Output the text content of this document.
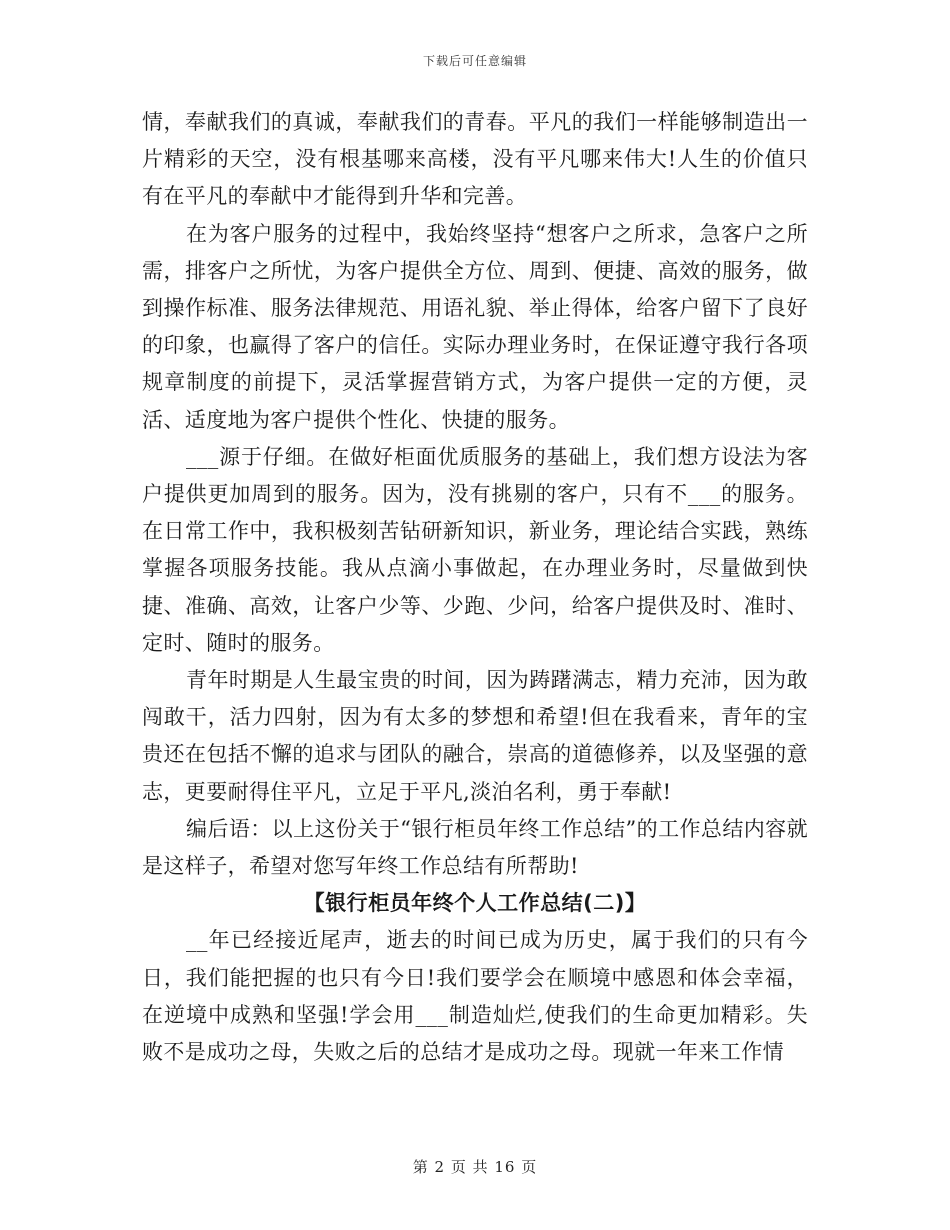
下载后可任意编辑

情，奉献我们的真诚，奉献我们的青春。平凡的我们一样能够制造出一片精彩的天空，没有根基哪来高楼，没有平凡哪来伟大!人生的价值只有在平凡的奉献中才能得到升华和完善。

在为客户服务的过程中，我始终坚持“想客户之所求，急客户之所需，排客户之所忧，为客户提供全方位、周到、便捷、高效的服务，做到操作标准、服务法律规范、用语礼貌、举止得体，给客户留下了良好的印象，也赢得了客户的信任。实际办理业务时，在保证遵守我行各项规章制度的前提下，灵活掌握营销方式，为客户提供一定的方便，灵活、适度地为客户提供个性化、快捷的服务。

___源于仔细。在做好柜面优质服务的基础上，我们想方设法为客户提供更加周到的服务。因为，没有挑剔的客户，只有不___的服务。在日常工作中，我积极刻苦钻研新知识，新业务，理论结合实践，熟练掌握各项服务技能。我从点滴小事做起，在办理业务时，尽量做到快捷、准确、高效，让客户少等、少跑、少问，给客户提供及时、准时、定时、随时的服务。

青年时期是人生最宝贵的时间，因为踌躇满志，精力充沛，因为敢闯敢干，活力四射，因为有太多的梦想和希望!但在我看来，青年的宝贵还在包括不懈的追求与团队的融合，崇高的道德修养，以及坚强的意志，更要耐得住平凡，立足于平凡,淡泊名利，勇于奉献!

编后语：以上这份关于“银行柜员年终工作总结”的工作总结内容就是这样子，希望对您写年终工作总结有所帮助!

【银行柜员年终个人工作总结(二)】

__年已经接近尾声，逝去的时间已成为历史，属于我们的只有今日，我们能把握的也只有今日!我们要学会在顺境中感恩和体会幸福，在逆境中成熟和坚强!学会用___制造灿烂,使我们的生命更加精彩。失败不是成功之母，失败之后的总结才是成功之母。现就一年来工作情

第 2 页 共 16 页
